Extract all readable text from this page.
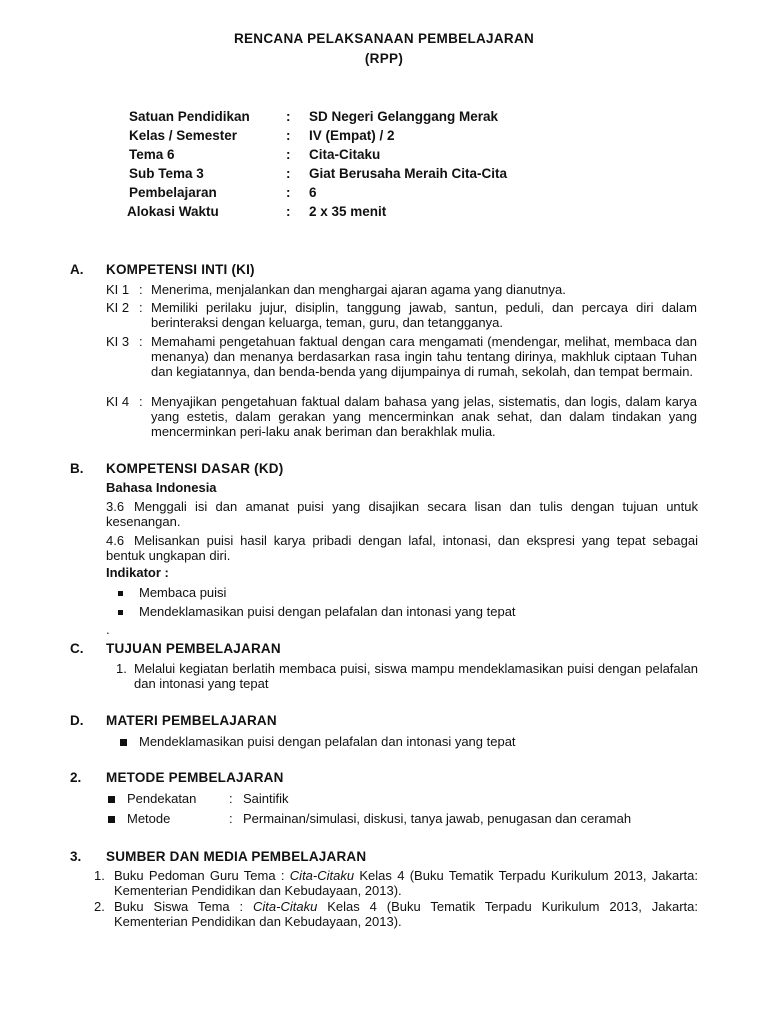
RENCANA PELAKSANAAN PEMBELAJARAN
(RPP)
Satuan Pendidikan	: SD Negeri Gelanggang Merak
Kelas / Semester	: IV (Empat) / 2
Tema 6	: Cita-Citaku
Sub Tema 3	: Giat Berusaha Meraih Cita-Cita
Pembelajaran	: 6
Alokasi Waktu	: 2 x 35 menit
A. KOMPETENSI INTI (KI)
KI 1 : Menerima, menjalankan dan menghargai ajaran agama yang dianutnya.
KI 2 : Memiliki perilaku jujur, disiplin, tanggung jawab, santun, peduli, dan percaya diri dalam berinteraksi dengan keluarga, teman, guru, dan tetangganya.
KI 3 : Memahami pengetahuan faktual dengan cara mengamati (mendengar, melihat, membaca dan menanya) dan menanya berdasarkan rasa ingin tahu tentang dirinya, makhluk ciptaan Tuhan dan kegiatannya, dan benda-benda yang dijumpainya di rumah, sekolah, dan tempat bermain.
KI 4 : Menyajikan pengetahuan faktual dalam bahasa yang jelas, sistematis, dan logis, dalam karya yang estetis, dalam gerakan yang mencerminkan anak sehat, dan dalam tindakan yang mencerminkan peri-laku anak beriman dan berakhlak mulia.
B. KOMPETENSI DASAR (KD)
Bahasa Indonesia
3.6 Menggali isi dan amanat puisi yang disajikan secara lisan dan tulis dengan tujuan untuk kesenangan.
4.6 Melisankan puisi hasil karya pribadi dengan lafal, intonasi, dan ekspresi yang tepat sebagai bentuk ungkapan diri.
Indikator :
Membaca puisi
Mendeklamasikan puisi dengan pelafalan dan intonasi yang tepat
.
C. TUJUAN PEMBELAJARAN
1. Melalui kegiatan berlatih membaca puisi, siswa mampu mendeklamasikan puisi dengan pelafalan dan intonasi yang tepat
D. MATERI PEMBELAJARAN
Mendeklamasikan puisi dengan pelafalan dan intonasi yang tepat
2. METODE PEMBELAJARAN
Pendekatan	: Saintifik
Metode	: Permainan/simulasi, diskusi, tanya jawab, penugasan dan ceramah
3. SUMBER DAN MEDIA PEMBELAJARAN
1. Buku Pedoman Guru Tema : Cita-Citaku Kelas 4 (Buku Tematik Terpadu Kurikulum 2013, Jakarta: Kementerian Pendidikan dan Kebudayaan, 2013).
2. Buku Siswa Tema : Cita-Citaku Kelas 4 (Buku Tematik Terpadu Kurikulum 2013, Jakarta: Kementerian Pendidikan dan Kebudayaan, 2013).
